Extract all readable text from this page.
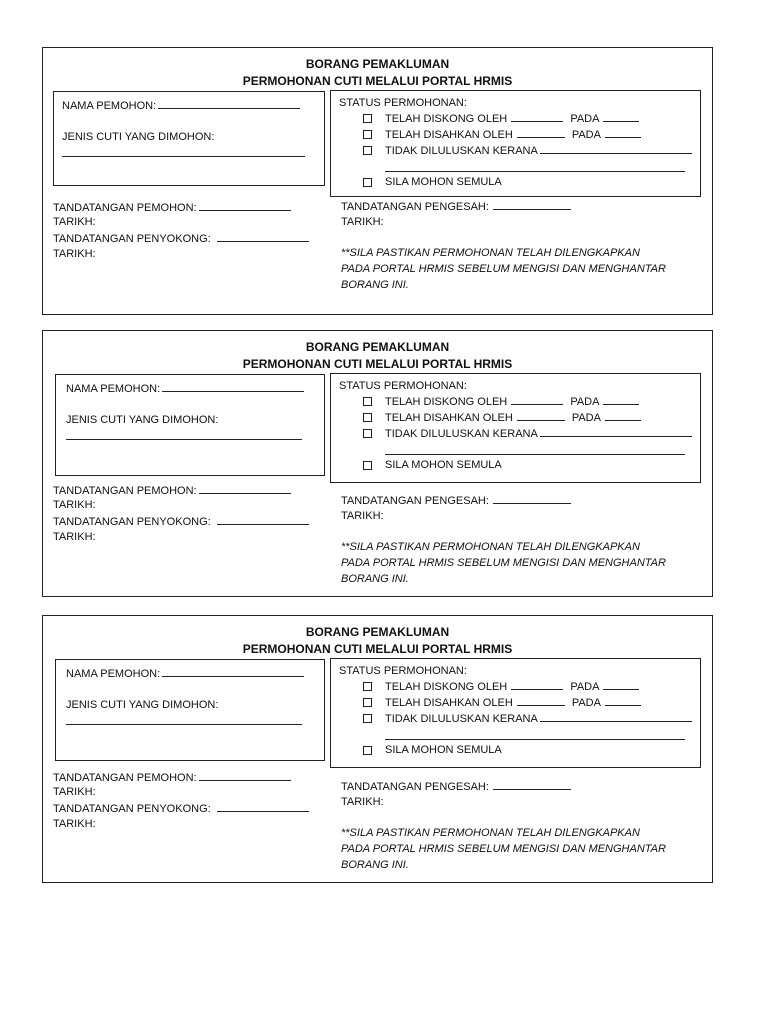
BORANG PEMAKLUMAN
PERMOHONAN CUTI MELALUI PORTAL HRMIS
NAMA PEMOHON:
JENIS CUTI YANG DIMOHON:
STATUS PERMOHONAN:
TELAH DISKONG OLEH	PADA
TELAH DISAHKAN OLEH	PADA
TIDAK DILULUSKAN KERANA
SILA MOHON SEMULA
TANDATANGAN PEMOHON:
TARIKH:
TANDATANGAN PENYOKONG:
TARIKH:
TANDATANGAN PENGESAH:
TARIKH:
**SILA PASTIKAN PERMOHONAN TELAH DILENGKAPKAN
PADA PORTAL HRMIS SEBELUM MENGISI DAN MENGHANTAR
BORANG INI.
BORANG PEMAKLUMAN
PERMOHONAN CUTI MELALUI PORTAL HRMIS
NAMA PEMOHON:
JENIS CUTI YANG DIMOHON:
STATUS PERMOHONAN:
TELAH DISKONG OLEH	PADA
TELAH DISAHKAN OLEH	PADA
TIDAK DILULUSKAN KERANA
SILA MOHON SEMULA
TANDATANGAN PEMOHON:
TARIKH:
TANDATANGAN PENYOKONG:
TARIKH:
TANDATANGAN PENGESAH:
TARIKH:
**SILA PASTIKAN PERMOHONAN TELAH DILENGKAPKAN
PADA PORTAL HRMIS SEBELUM MENGISI DAN MENGHANTAR
BORANG INI.
BORANG PEMAKLUMAN
PERMOHONAN CUTI MELALUI PORTAL HRMIS
NAMA PEMOHON:
JENIS CUTI YANG DIMOHON:
STATUS PERMOHONAN:
TELAH DISKONG OLEH	PADA
TELAH DISAHKAN OLEH	PADA
TIDAK DILULUSKAN KERANA
SILA MOHON SEMULA
TANDATANGAN PEMOHON:
TARIKH:
TANDATANGAN PENYOKONG:
TARIKH:
TANDATANGAN PENGESAH:
TARIKH:
**SILA PASTIKAN PERMOHONAN TELAH DILENGKAPKAN
PADA PORTAL HRMIS SEBELUM MENGISI DAN MENGHANTAR
BORANG INI.
